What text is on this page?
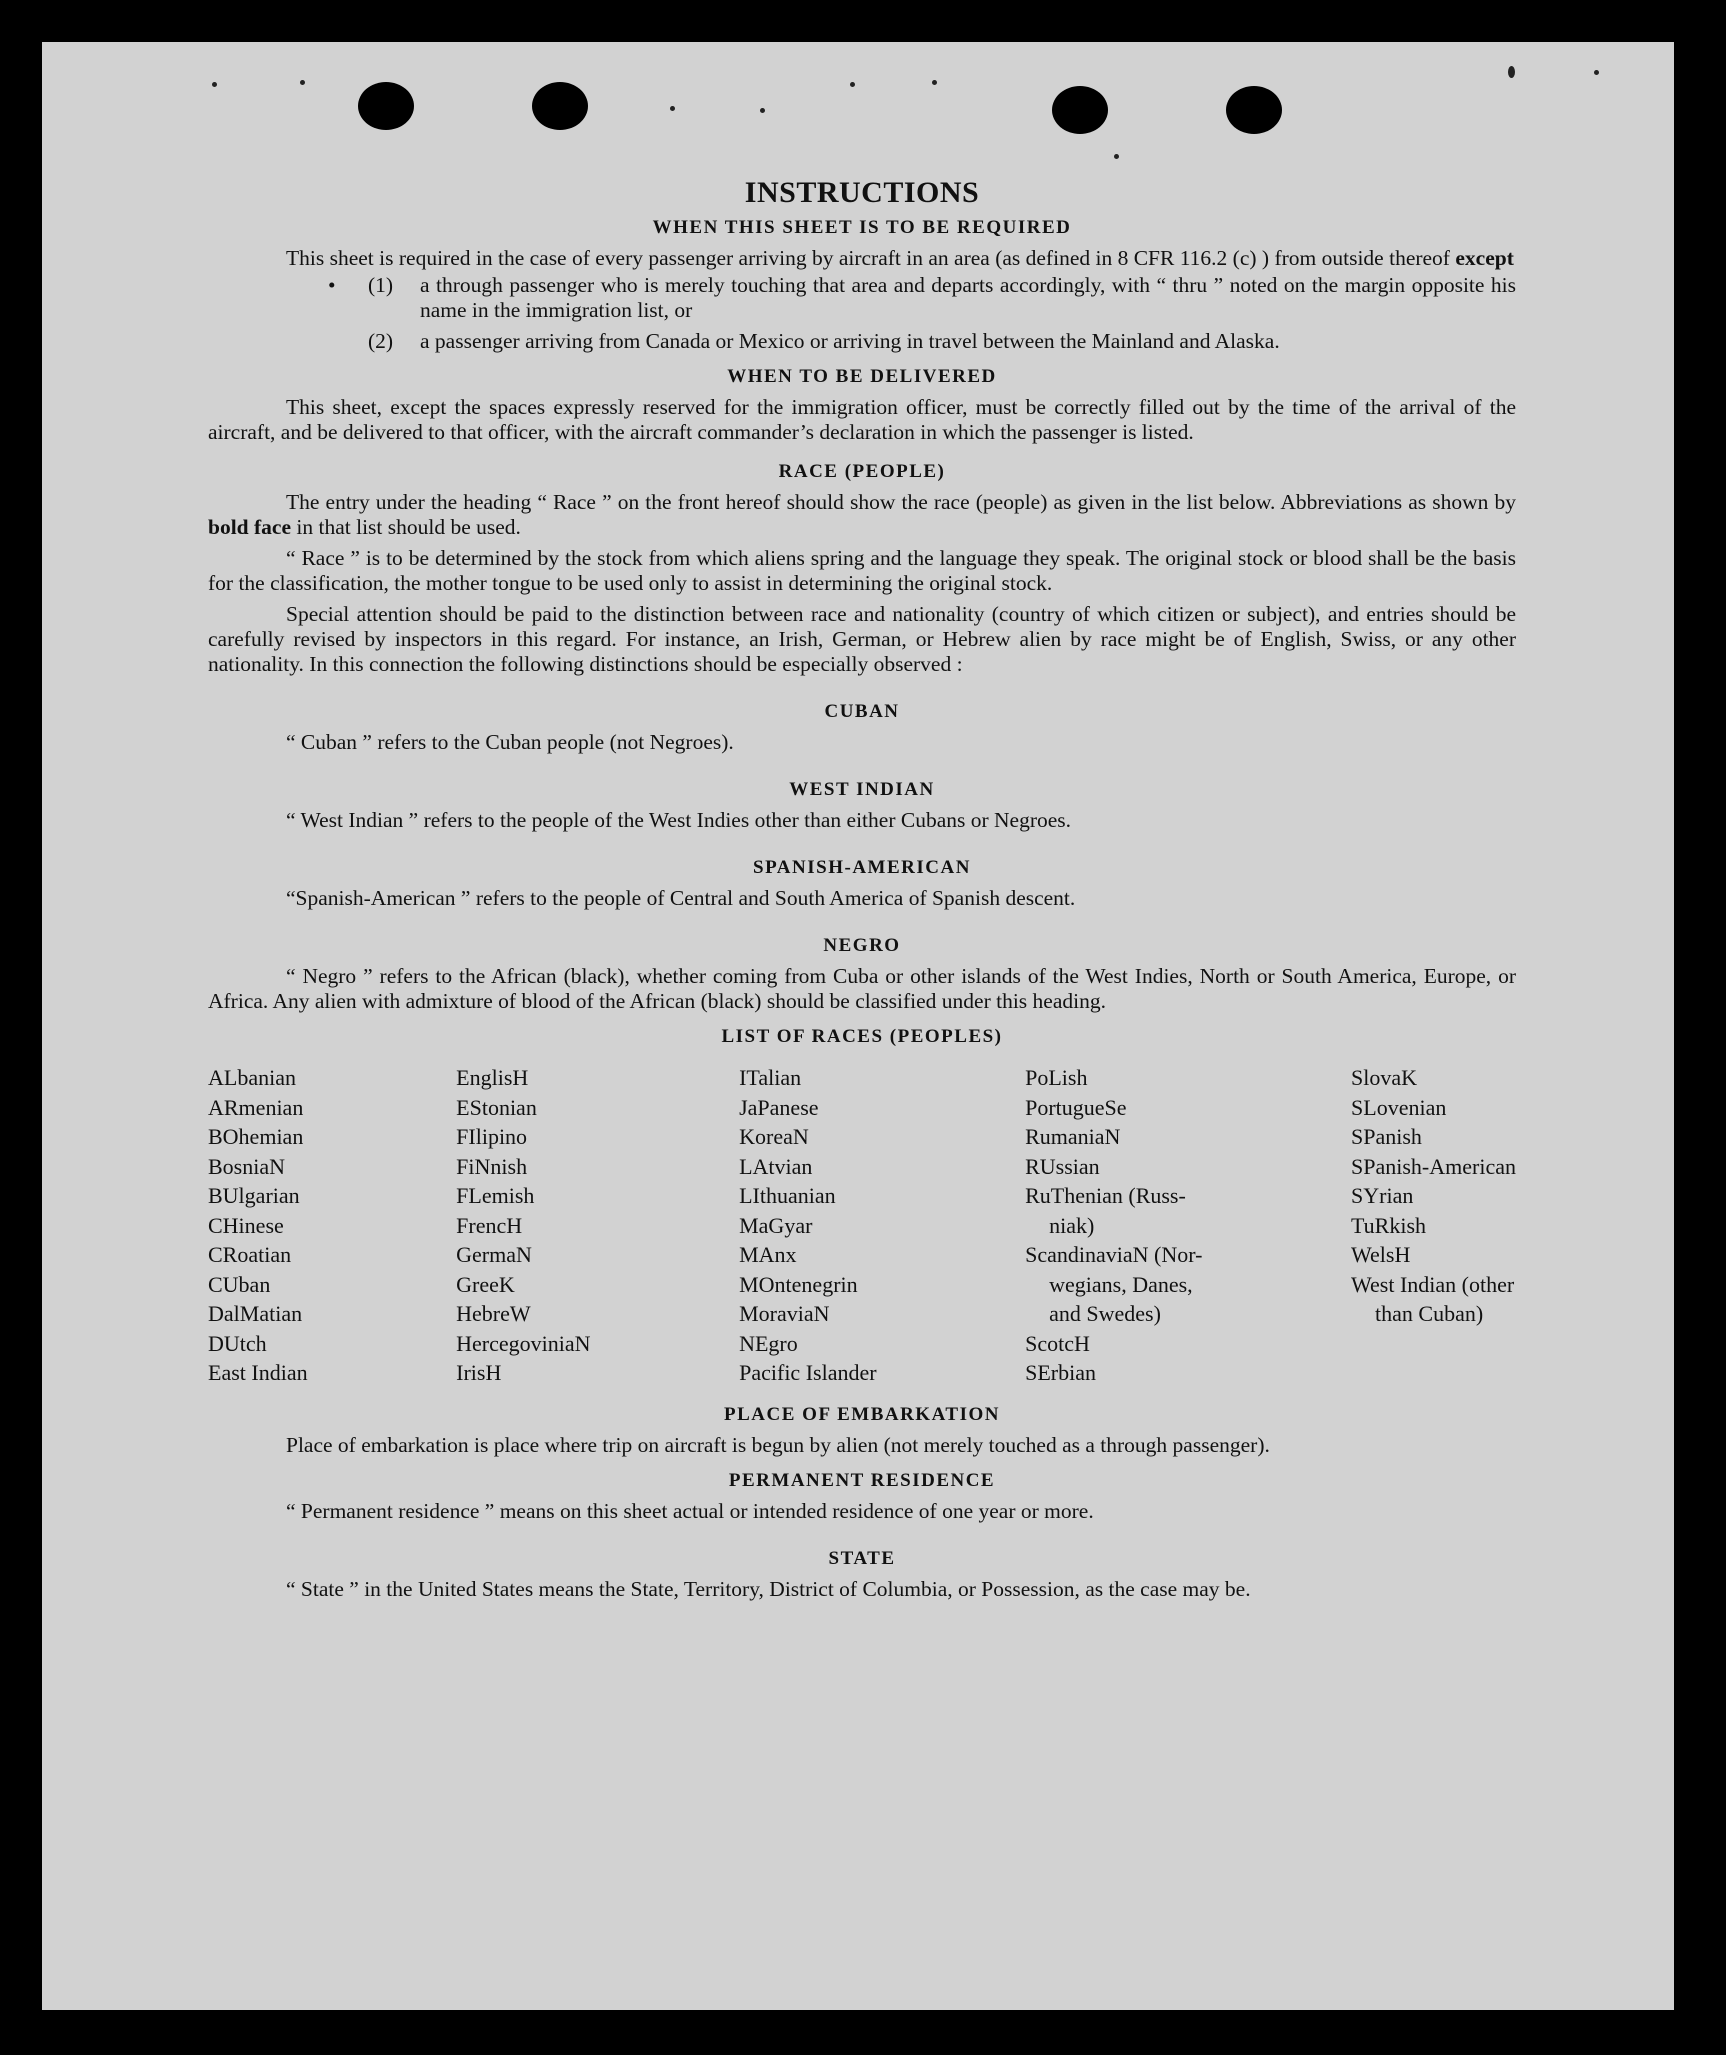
INSTRUCTIONS
WHEN THIS SHEET IS TO BE REQUIRED

This sheet is required in the case of every passenger arriving by aircraft in an area (as defined in 8 CFR 116.2 (c) ) from outside thereof except

• (1)	a through passenger who is merely touching that area and departs accordingly, with “ thru ” noted on the margin opposite his name in the immigration list, or
(2)	a passenger arriving from Canada or Mexico or arriving in travel between the Mainland and Alaska.
WHEN TO BE DELIVERED

This sheet, except the spaces expressly reserved for the immigration officer, must be correctly filled out by the time of the arrival of the aircraft, and be delivered to that officer, with the aircraft commander’s declaration in which the passenger is listed.

RACE (PEOPLE)

The entry under the heading “ Race ” on the front hereof should show the race (people) as given in the list below. Abbreviations as shown by bold face in that list should be used.

“ Race ” is to be determined by the stock from which aliens spring and the language they speak. The original stock or blood shall be the basis for the classification, the mother tongue to be used only to assist in determining the original stock.

Special attention should be paid to the distinction between race and nationality (country of which citizen or subject), and entries should be carefully revised by inspectors in this regard. For instance, an Irish, German, or Hebrew alien by race might be of English, Swiss, or any other nationality. In this connection the following distinctions should be especially observed :

CUBAN
“ Cuban ” refers to the Cuban people (not Negroes).
WEST INDIAN
“ West Indian ” refers to the people of the West Indies other than either Cubans or Negroes.
SPANISH-AMERICAN
“Spanish-American ” refers to the people of Central and South America of Spanish descent.
NEGRO

“ Negro ” refers to the African (black), whether coming from Cuba or other islands of the West Indies, North or South America, Europe, or Africa. Any alien with admixture of blood of the African (black) should be classified under this heading.

LIST OF RACES (PEOPLES)
ALbanian
ARmenian
BOhemian
BosniaN
BUlgarian
CHinese
CRoatian
CUban
DalMatian
DUtch
East Indian
EnglisH
EStonian
FIlipino
FiNnish
FLemish
FrencH
GermaN
GreeK
HebreW
HercegoviniaN
IrisH
ITalian
JaPanese
KoreaN
LAtvian
LIthuanian
MaGyar
MAnx
MOntenegrin
MoraviaN
NEgro
Pacific Islander
PoLish
PortugueSe
RumaniaN
RUssian
RuThenian (Russ-
niak)
ScandinaviaN (Nor-
wegians, Danes,
and Swedes)
ScotcH
SErbian
SlovaK
SLovenian
SPanish
SPanish-American
SYrian
TuRkish
WelsH
West Indian (other
than Cuban)
PLACE OF EMBARKATION

Place of embarkation is place where trip on aircraft is begun by alien (not merely touched as a through passenger).

PERMANENT RESIDENCE
“ Permanent residence ” means on this sheet actual or intended residence of one year or more.
STATE

“ State ” in the United States means the State, Territory, District of Columbia, or Possession, as the case may be.
